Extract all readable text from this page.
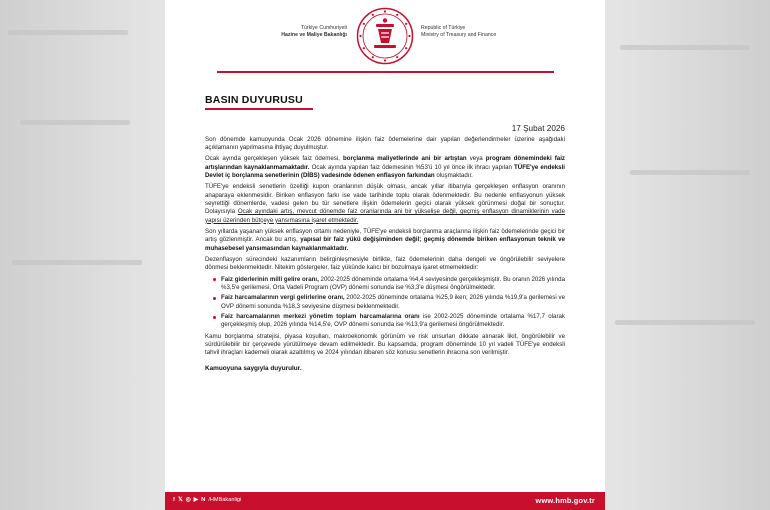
Türkiye Cumhuriyeti
Hazine ve Maliye Bakanlığı
Republic of Türkiye
Ministry of Treasury and Finance
BASIN DUYURUSU
17 Şubat 2026

Son dönemde kamuoyunda Ocak 2026 dönemine ilişkin faiz ödemelerine dair yapılan değerlendirmeler üzerine aşağıdaki açıklamanın yapılmasına ihtiyaç duyulmuştur.

Ocak ayında gerçekleşen yüksek faiz ödemesi, borçlanma maliyetlerinde ani bir artıştan veya program dönemindeki faiz artışlarından kaynaklanmamaktadır. Ocak ayında yapılan faiz ödemesinin %53'ü 10 yıl önce ilk ihracı yapılan TÜFE'ye endeksli Devlet iç borçlanma senetlerinin (DİBS) vadesinde ödenen enflasyon farkından oluşmaktadır.

TÜFE'ye endeksli senetlerin özelliği kupon oranlarının düşük olması, ancak yıllar itibarıyla gerçekleşen enflasyon oranının anaparaya eklenmesidir. Biriken enflasyon farkı ise vade tarihinde toplu olarak ödenmektedir. Bu nedenle enflasyonun yüksek seyrettiği dönemlerde, vadesi gelen bu tür senetlere ilişkin ödemelerin geçici olarak yüksek görünmesi doğal bir sonuçtur. Dolayısıyla Ocak ayındaki artış, mevcut dönemde faiz oranlarında ani bir yükselişe değil, geçmiş enflasyon dinamiklerinin vade yapısı üzerinden bütçeye yansımasına işaret etmektedir.

Son yıllarda yaşanan yüksek enflasyon ortamı nedeniyle, TÜFE'ye endeksli borçlanma araçlarına ilişkin faiz ödemelerinde geçici bir artış gözlenmiştir. Ancak bu artış, yapısal bir faiz yükü değişiminden değil; geçmiş dönemde biriken enflasyonun teknik ve muhasebesel yansımasından kaynaklanmaktadır.

Dezenflasyon sürecindeki kazanımların belirginleşmesiyle birlikte, faiz ödemelerinin daha dengeli ve öngörülebilir seviyelere dönmesi beklenmektedir. Nitekim göstergeler, faiz yükünde kalıcı bir bozulmaya işaret etmemektedir:

Faiz giderlerinin millî gelire oranı, 2002-2025 döneminde ortalama %4,4 seviyesinde gerçekleşmiştir. Bu oranın 2026 yılında %3,5'e gerilemesi, Orta Vadeli Program (OVP) dönemi sonunda ise %3,3'e düşmesi öngörülmektedir.
Faiz harcamalarının vergi gelirlerine oranı, 2002-2025 döneminde ortalama %25,9 iken; 2026 yılında %19,9'a gerilemesi ve OVP dönemi sonunda %18,3 seviyesine düşmesi beklenmektedir.
Faiz harcamalarının merkezi yönetim toplam harcamalarına oranı ise 2002-2025 döneminde ortalama %17,7 olarak gerçekleşmiş olup, 2026 yılında %14,5'e, OVP dönemi sonunda ise %13,9'a gerilemesi öngörülmektedir.

Kamu borçlanma stratejisi, piyasa koşulları, makroekonomik görünüm ve risk unsurları dikkate alınarak likit, öngörülebilir ve sürdürülebilir bir çerçevede yürütülmeye devam edilmektedir. Bu kapsamda, program döneminde 10 yıl vadeli TÜFE'ye endeksli tahvil ihraçları kademeli olarak azaltılmış ve 2024 yılından itibaren söz konusu senetlerin ihracına son verilmiştir.

Kamuoyuna saygıyla duyurulur.
f 𝕏 ◎ ▶ N /HMBakanligi	www.hmb.gov.tr
